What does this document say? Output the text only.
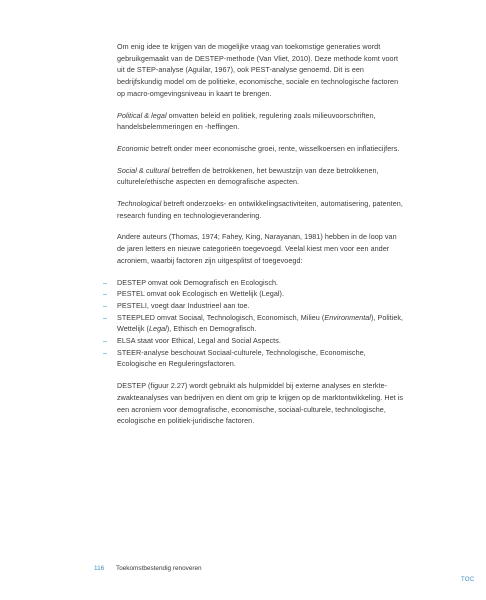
Om enig idee te krijgen van de mogelijke vraag van toekomstige generaties wordt gebruikgemaakt van de DESTEP-methode (Van Vliet, 2010). Deze methode komt voort uit de STEP-analyse (Aguilar, 1967), ook PEST-analyse genoemd. Dit is een bedrijfskundig model om de politieke, economische, sociale en technologische factoren op macro-omgevingsniveau in kaart te brengen.

Political & legal omvatten beleid en politiek, regulering zoals milieuvoorschriften, handelsbelemmeringen en -heffingen.

Economic betreft onder meer economische groei, rente, wisselkoersen en inflatiecijfers.

Social & cultural betreffen de betrokkenen, het bewustzijn van deze betrokkenen, culturele/ethische aspecten en demografische aspecten.

Technological betreft onderzoeks- en ontwikkelingsactiviteiten, automatisering, patenten, research funding en technologieverandering.

Andere auteurs (Thomas, 1974; Fahey, King, Narayanan, 1981) hebben in de loop van de jaren letters en nieuwe categorieën toegevoegd. Veelal kiest men voor een ander acroniem, waarbij factoren zijn uitgesplitst of toegevoegd:

– DESTEP omvat ook Demografisch en Ecologisch.
– PESTEL omvat ook Ecologisch en Wettelijk (Legal).
– PESTELI, voegt daar Industrieel aan toe.
– STEEPLED omvat Sociaal, Technologisch, Economisch, Milieu (Environmental), Politiek, Wettelijk (Legal), Ethisch en Demografisch.
– ELSA staat voor Ethical, Legal and Social Aspects.
– STEER-analyse beschouwt Sociaal-culturele, Technologische, Economische, Ecologische en Reguleringsfactoren.

DESTEP (figuur 2.27) wordt gebruikt als hulpmiddel bij externe analyses en sterkte-zwakteanalyses van bedrijven en dient om grip te krijgen op de marktontwikkeling. Het is een acroniem voor demografische, economische, sociaal-culturele, technologische, ecologische en politiek-juridische factoren.

116 Toekomstbestendig renoveren
TOC
